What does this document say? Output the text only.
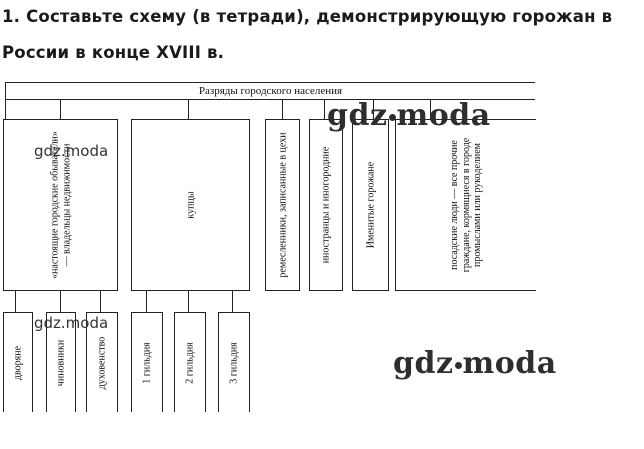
1. Составьте схему (в тетради), демонстрирующую горожан в
России в конце XVIII в.
Разряды городского населения
«настоящие городские обыватели» — владельцы недвижимости	купцы	ремесленники, записанные в цехи	иностранцы и иногородние	Именитые горожане	посадские люди — все прочие граждане, кормящиеся в городе промыслами или рукоделием
дворяне	чиновники	духовенство	1 гильдия	2 гильдия	3 гильдия
gdz.moda
gdz.moda
gdz moda
gdz moda
